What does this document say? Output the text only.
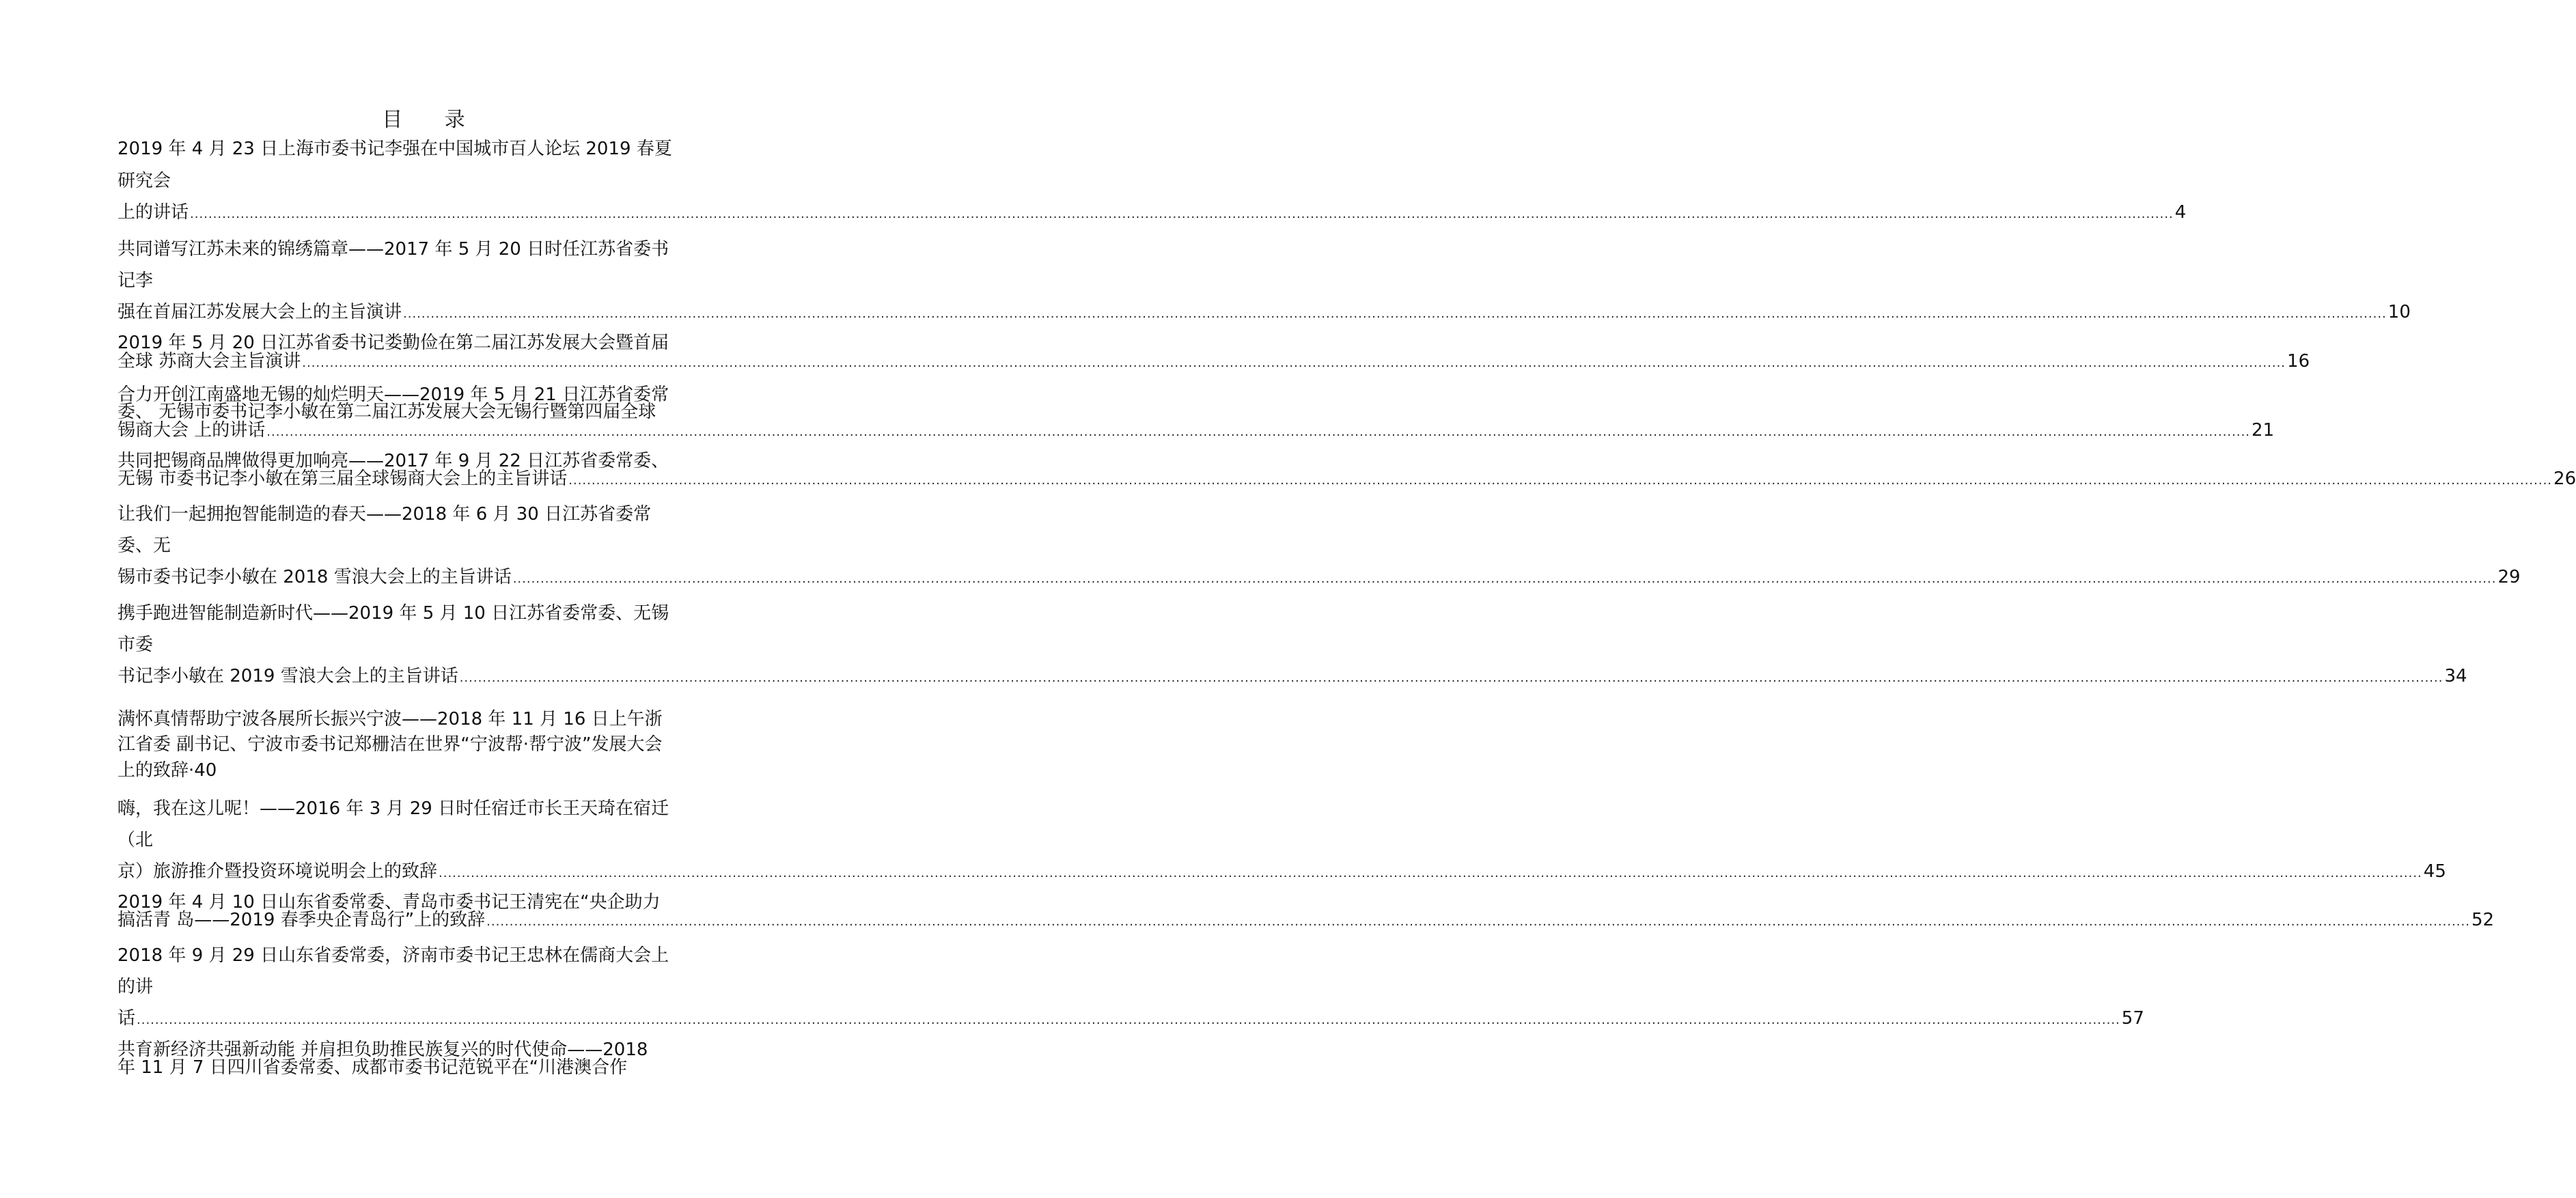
目 录
2019 年 4 月 23 日上海市委书记李强在中国城市百人论坛 2019 春夏
研究会
上的讲话 ................................................................................................................................................................................................................................................................................................................................................................................................................................................ 4
共同谱写江苏未来的锦绣篇章——2017 年 5 月 20 日时任江苏省委书
记李
强在首届江苏发展大会上的主旨演讲 ................................................................................................................................................................................................................................................................................................................................................................................................................................................ 10
2019 年 5 月 20 日江苏省委书记娄勤俭在第二届江苏发展大会暨首届
全球 苏商大会主旨演讲 ................................................................................................................................................................................................................................................................................................................................................................................................................................................ 16
合力开创江南盛地无锡的灿烂明天——2019 年 5 月 21 日江苏省委常
委、 无锡市委书记李小敏在第二届江苏发展大会无锡行暨第四届全球
锡商大会 上的讲话 ................................................................................................................................................................................................................................................................................................................................................................................................................................................ 21
共同把锡商品牌做得更加响亮——2017 年 9 月 22 日江苏省委常委、
无锡 市委书记李小敏在第三届全球锡商大会上的主旨讲话 ................................................................................................................................................................................................................................................................................................................................................................................................................................................ 26
让我们一起拥抱智能制造的春天——2018 年 6 月 30 日江苏省委常
委、无
锡市委书记李小敏在 2018 雪浪大会上的主旨讲话 ................................................................................................................................................................................................................................................................................................................................................................................................................................................ 29
携手跑进智能制造新时代——2019 年 5 月 10 日江苏省委常委、无锡
市委
书记李小敏在 2019 雪浪大会上的主旨讲话 ................................................................................................................................................................................................................................................................................................................................................................................................................................................ 34
满怀真情帮助宁波各展所长振兴宁波——2018 年 11 月 16 日上午浙
江省委 副书记、宁波市委书记郑栅洁在世界“宁波帮·帮宁波”发展大会
上的致辞·40
嗨，我在这儿呢！——2016 年 3 月 29 日时任宿迁市长王天琦在宿迁
（北
京）旅游推介暨投资环境说明会上的致辞 ................................................................................................................................................................................................................................................................................................................................................................................................................................................ 45
2019 年 4 月 10 日山东省委常委、青岛市委书记王清宪在“央企助力
搞活青 岛——2019 春季央企青岛行”上的致辞 ................................................................................................................................................................................................................................................................................................................................................................................................................................................ 52
2018 年 9 月 29 日山东省委常委，济南市委书记王忠林在儒商大会上
的讲
话 ................................................................................................................................................................................................................................................................................................................................................................................................................................................ 57
共育新经济共强新动能 并肩担负助推民族复兴的时代使命——2018
年 11 月 7 日四川省委常委、成都市委书记范锐平在“川港澳合作
